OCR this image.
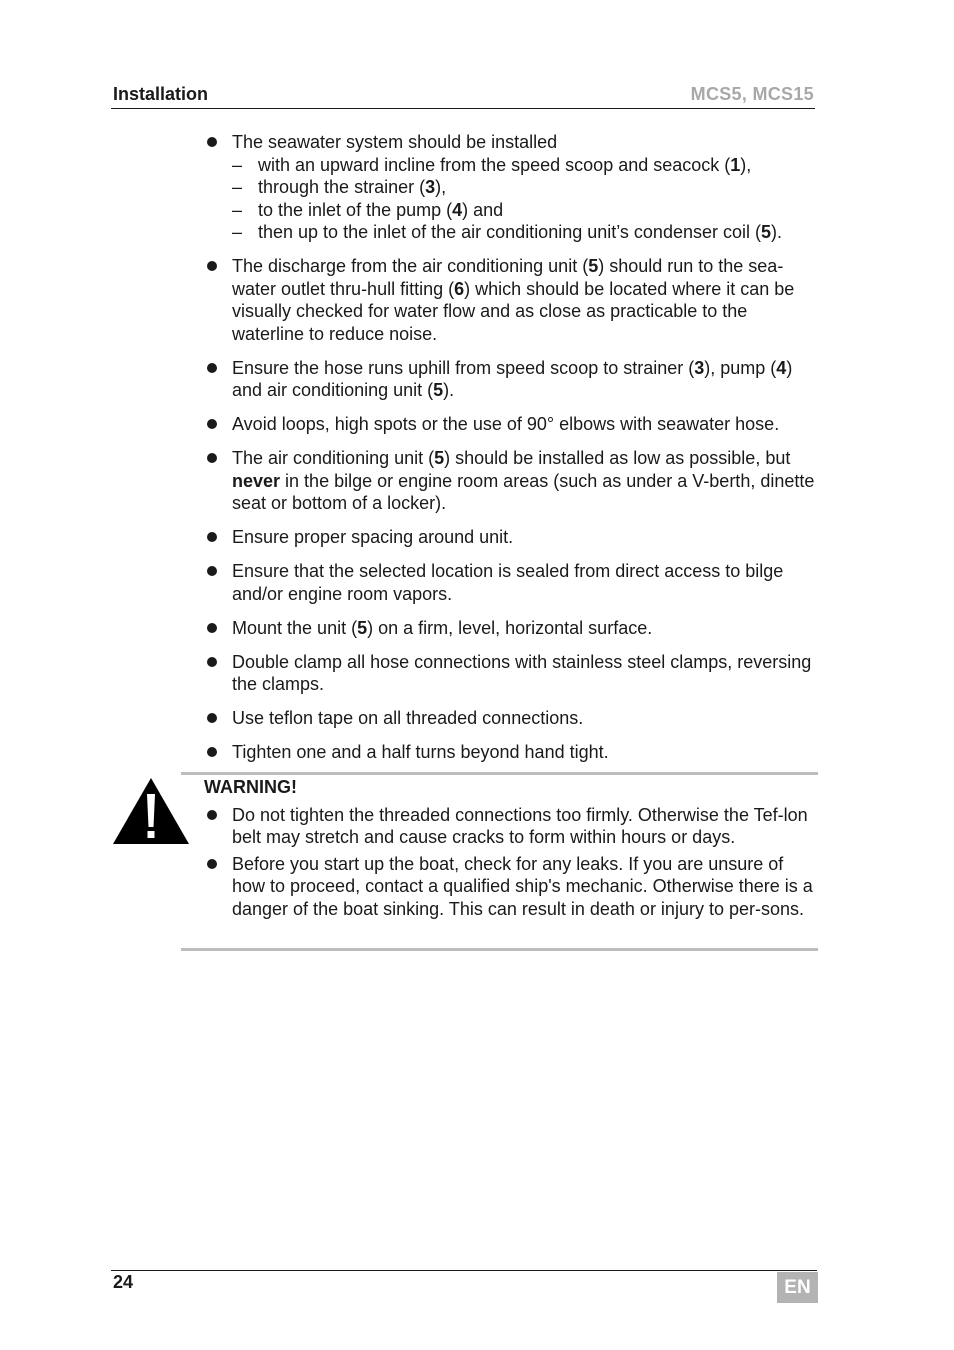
Installation	MCS5, MCS15
The seawater system should be installed
– with an upward incline from the speed scoop and seacock (1),
– through the strainer (3),
– to the inlet of the pump (4) and
– then up to the inlet of the air conditioning unit’s condenser coil (5).
The discharge from the air conditioning unit (5) should run to the sea-water outlet thru-hull fitting (6) which should be located where it can be visually checked for water flow and as close as practicable to the waterline to reduce noise.
Ensure the hose runs uphill from speed scoop to strainer (3), pump (4) and air conditioning unit (5).
Avoid loops, high spots or the use of 90° elbows with seawater hose.
The air conditioning unit (5) should be installed as low as possible, but never in the bilge or engine room areas (such as under a V-berth, dinette seat or bottom of a locker).
Ensure proper spacing around unit.
Ensure that the selected location is sealed from direct access to bilge and/or engine room vapors.
Mount the unit (5) on a firm, level, horizontal surface.
Double clamp all hose connections with stainless steel clamps, reversing the clamps.
Use teflon tape on all threaded connections.
Tighten one and a half turns beyond hand tight.
WARNING!
Do not tighten the threaded connections too firmly. Otherwise the Tef-lon belt may stretch and cause cracks to form within hours or days.
Before you start up the boat, check for any leaks. If you are unsure of how to proceed, contact a qualified ship's mechanic. Otherwise there is a danger of the boat sinking. This can result in death or injury to per-sons.
24	EN
